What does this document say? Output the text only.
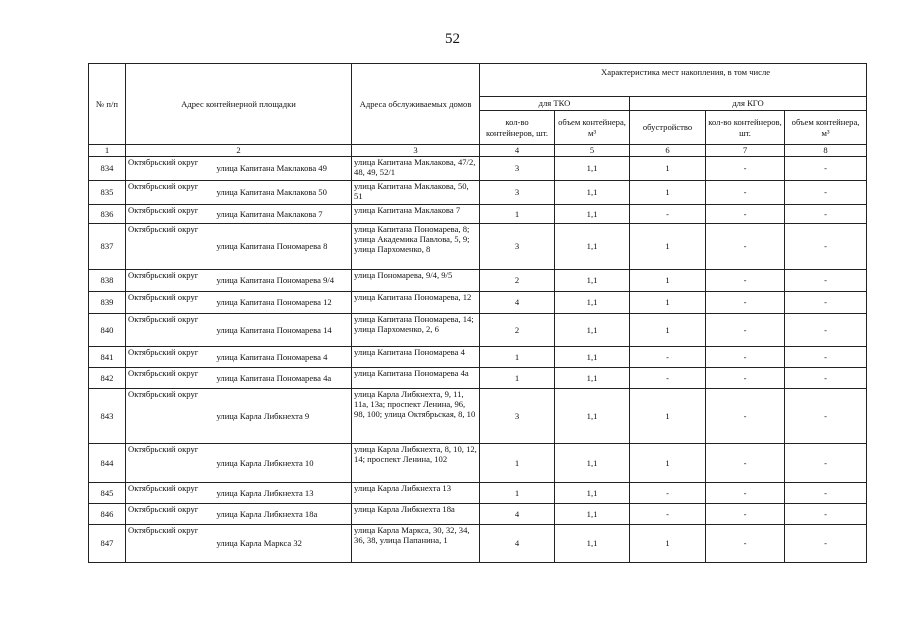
52
№ п/п	Адрес контейнерной площадки		Адреса обслуживаемых домов	Характеристика мест накопления, в том числе				
				для ТКО		для КГО		
				кол-во контейнеров, шт.	объем контейнера, м³	обустройство	кол-во контейнеров, шт.	объем контейнера, м³
1	2		3	4	5	6	7	8
834	Октябрьский округ	улица Капитана Маклакова 49	улица Капитана Маклакова, 47/2, 48, 49, 52/1	3	1,1	1	-	-
835	Октябрьский округ	улица Капитана Маклакова 50	улица Капитана Маклакова, 50, 51	3	1,1	1	-	-
836	Октябрьский округ	улица Капитана Маклакова 7	улица Капитана Маклакова 7	1	1,1	-	-	-
837	Октябрьский округ	улица Капитана Пономарева 8	улица Капитана Пономарева, 8; улица Академика Павлова, 5, 9; улица Пархоменко, 8	3	1,1	1	-	-
838	Октябрьский округ	улица Капитана Пономарева 9/4	улица Пономарева, 9/4, 9/5	2	1,1	1	-	-
839	Октябрьский округ	улица Капитана Пономарева 12	улица Капитана Пономарева, 12	4	1,1	1	-	-
840	Октябрьский округ	улица Капитана Пономарева 14	улица Капитана Пономарева, 14; улица Пархоменко, 2, 6	2	1,1	1	-	-
841	Октябрьский округ	улица Капитана Пономарева 4	улица Капитана Пономарева 4	1	1,1	-	-	-
842	Октябрьский округ	улица Капитана Пономарева 4а	улица Капитана Пономарева 4а	1	1,1	-	-	-
843	Октябрьский округ	улица Карла Либкнехта 9	улица Карла Либкнехта, 9, 11, 11а, 13а; проспект Ленина, 96, 98, 100; улица Октябрьская, 8, 10	3	1,1	1	-	-
844	Октябрьский округ	улица Карла Либкнехта 10	улица Карла Либкнехта, 8, 10, 12, 14; проспект Ленина, 102	1	1,1	1	-	-
845	Октябрьский округ	улица Карла Либкнехта 13	улица Карла Либкнехта 13	1	1,1	-	-	-
846	Октябрьский округ	улица Карла Либкнехта 18а	улица Карла Либкнехта 18а	4	1,1	-	-	-
847	Октябрьский округ	улица Карла Маркса 32	улица Карла Маркса, 30, 32, 34, 36, 38, улица Папанина, 1	4	1,1	1	-	-
